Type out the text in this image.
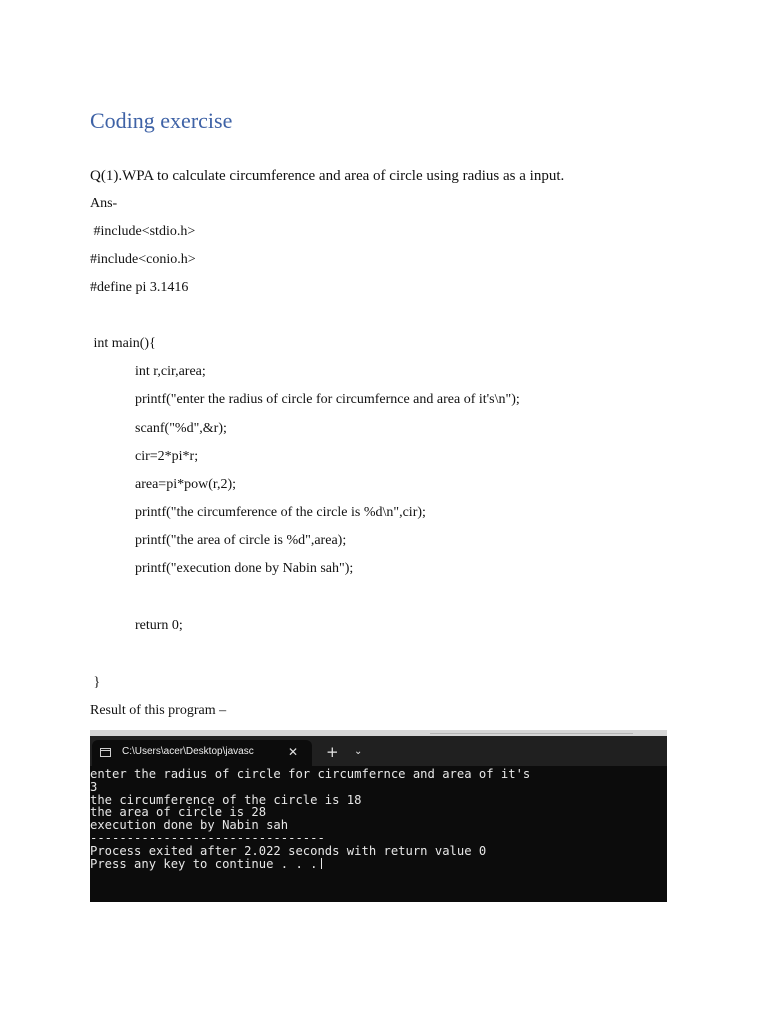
Coding exercise
Q(1).WPA to calculate circumference and area of circle using radius as a input.
Ans-
#include<stdio.h>
#include<conio.h>
#define pi 3.1416
int main(){
int r,cir,area;
printf("enter the radius of circle for circumfernce and area of it's\n");
scanf("%d",&r);
cir=2*pi*r;
area=pi*pow(r,2);
printf("the circumference of the circle is %d\n",cir);
printf("the area of circle is %d",area);
printf("execution done by Nabin sah");
return 0;
}
Result of this program –
C:\Users\acer\Desktop\javasc	✕ + ⌄
enter the radius of circle for circumfernce and area of it's
3
the circumference of the circle is 18
the area of circle is 28
execution done by Nabin sah
--------------------------------
Process exited after 2.022 seconds with return value 0
Press any key to continue . . .
